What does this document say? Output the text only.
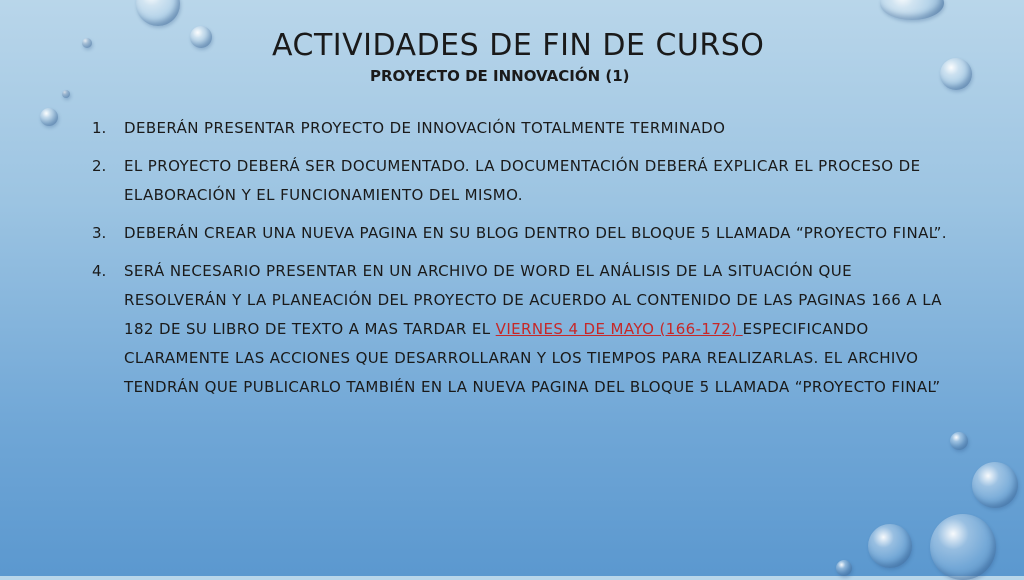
ACTIVIDADES DE FIN DE CURSO
PROYECTO DE INNOVACIÓN (1)
1.	DEBERÁN PRESENTAR PROYECTO DE INNOVACIÓN TOTALMENTE TERMINADO
2.	EL PROYECTO DEBERÁ SER DOCUMENTADO. LA DOCUMENTACIÓN DEBERÁ EXPLICAR EL PROCESO DE ELABORACIÓN Y EL FUNCIONAMIENTO DEL MISMO.
3.	DEBERÁN CREAR UNA NUEVA PAGINA EN SU BLOG DENTRO DEL BLOQUE 5 LLAMADA “PROYECTO FINAL”.
4.	SERÁ NECESARIO PRESENTAR EN UN ARCHIVO DE WORD EL ANÁLISIS DE LA SITUACIÓN QUE RESOLVERÁN Y LA PLANEACIÓN DEL PROYECTO DE ACUERDO AL CONTENIDO DE LAS PAGINAS 166 A LA 182 DE SU LIBRO DE TEXTO A MAS TARDAR EL VIERNES 4 DE MAYO (166-172) ESPECIFICANDO CLARAMENTE LAS ACCIONES QUE DESARROLLARAN Y LOS TIEMPOS PARA REALIZARLAS. EL ARCHIVO TENDRÁN QUE PUBLICARLO TAMBIÉN EN LA NUEVA PAGINA DEL BLOQUE 5 LLAMADA “PROYECTO FINAL”
